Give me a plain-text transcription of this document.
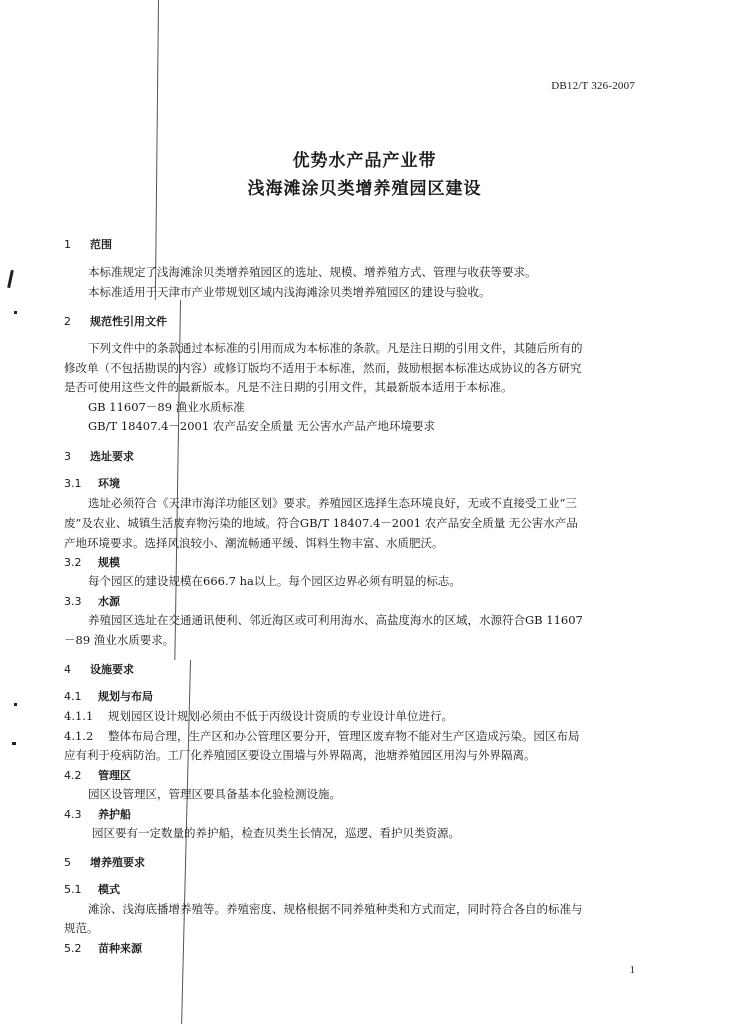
DB12/T 326-2007
优势水产品产业带
浅海滩涂贝类增养殖园区建设
1 范围
本标准规定了浅海滩涂贝类增养殖园区的选址、规模、增养殖方式、管理与收获等要求。
本标准适用于天津市产业带规划区域内浅海滩涂贝类增养殖园区的建设与验收。
2 规范性引用文件
下列文件中的条款通过本标准的引用而成为本标准的条款。凡是注日期的引用文件，其随后所有的
修改单（不包括勘误的内容）或修订版均不适用于本标准，然而，鼓励根据本标准达成协议的各方研究
是否可使用这些文件的最新版本。凡是不注日期的引用文件，其最新版本适用于本标准。
GB 11607－89 渔业水质标准
GB/T 18407.4－2001 农产品安全质量 无公害水产品产地环境要求
3 选址要求
3.1 环境
选址必须符合《天津市海洋功能区划》要求。养殖园区选择生态环境良好，无或不直接受工业“三
废”及农业、城镇生活废弃物污染的地域。符合GB/T 18407.4－2001 农产品安全质量 无公害水产品
产地环境要求。选择风浪较小、潮流畅通平缓、饵料生物丰富、水质肥沃。
3.2 规模
每个园区的建设规模在666.7 ha以上。每个园区边界必须有明显的标志。
3.3 水源
养殖园区选址在交通通讯便利、邻近海区或可利用海水、高盐度海水的区域，水源符合GB 11607
－89 渔业水质要求。
4 设施要求
4.1 规划与布局
4.1.1 规划园区设计规划必须由不低于丙级设计资质的专业设计单位进行。
4.1.2 整体布局合理，生产区和办公管理区要分开，管理区废弃物不能对生产区造成污染。园区布局
应有利于疫病防治。工厂化养殖园区要设立围墙与外界隔离，池塘养殖园区用沟与外界隔离。
4.2 管理区
园区设管理区，管理区要具备基本化验检测设施。
4.3 养护船
园区要有一定数量的养护船，检查贝类生长情况，巡逻、看护贝类资源。
5 增养殖要求
5.1 模式
滩涂、浅海底播增养殖等。养殖密度、规格根据不同养殖种类和方式而定，同时符合各自的标准与
规范。
5.2 苗种来源
1
